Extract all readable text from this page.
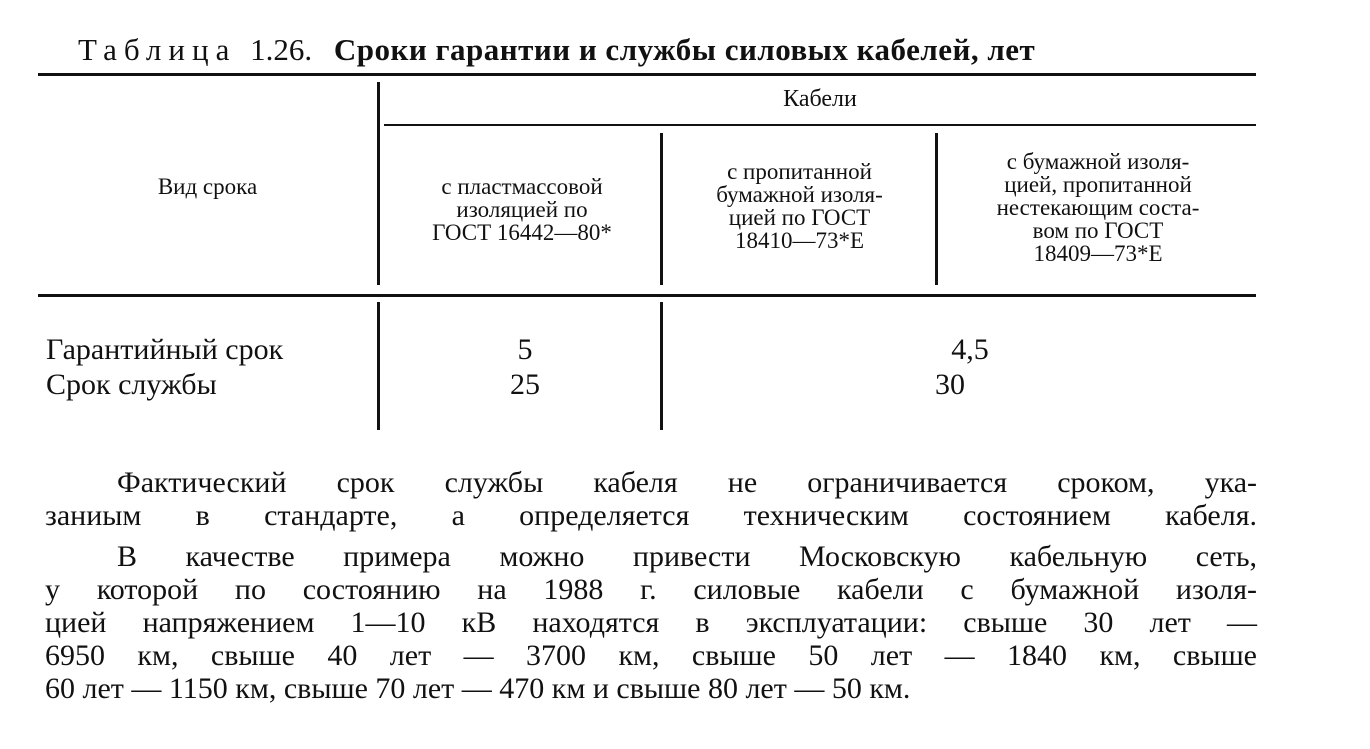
Таблица 1.26. Сроки гарантии и службы силовых кабелей, лет
Кабели
Вид срока	с пластмассовой
изоляцией по
ГОСТ 16442—80*
с пропитанной
бумажной изоля-
цией по ГОСТ
18410—73*Е
с бумажной изоля-
цией, пропитанной
нестекающим соста-
вом по ГОСТ
18409—73*Е
Гарантийный срок
Срок службы
5
25
4,5
30
Фактический срок службы кабеля не ограничивается сроком, ука-
заниым в стандарте, а определяется техническим состоянием кабеля.
В качестве примера можно привести Московскую кабельную сеть,
у которой по состоянию на 1988 г. силовые кабели с бумажной изоля-
цией напряжением 1—10 кВ находятся в эксплуатации: свыше 30 лет —
6950 км, свыше 40 лет — 3700 км, свыше 50 лет — 1840 км, свыше
60 лет — 1150 км, свыше 70 лет — 470 км и свыше 80 лет — 50 км.
